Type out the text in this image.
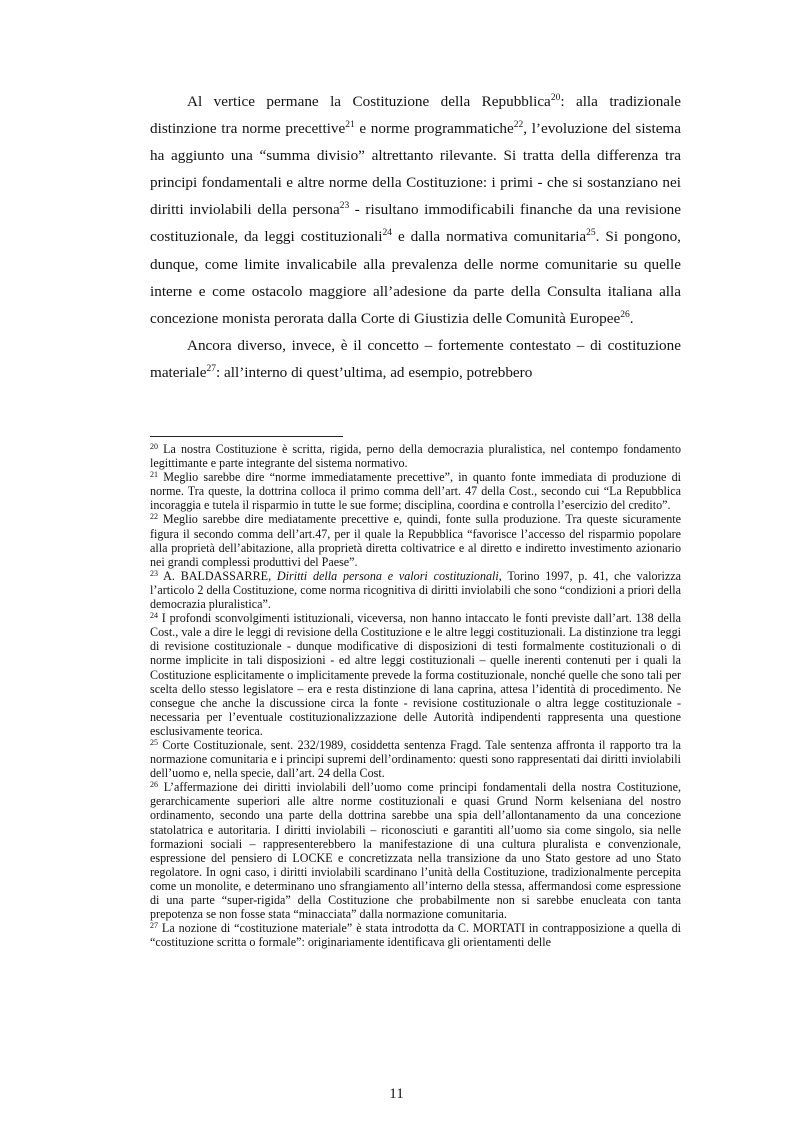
Al vertice permane la Costituzione della Repubblica$^{20}$: alla tradizionale distinzione tra norme precettive$^{21}$ e norme programmatiche$^{22}$, l’evoluzione del sistema ha aggiunto una “summa divisio” altrettanto rilevante. Si tratta della differenza tra principi fondamentali e altre norme della Costituzione: i primi - che si sostanziano nei diritti inviolabili della persona$^{23}$ - risultano immodificabili finanche da una revisione costituzionale, da leggi costituzionali$^{24}$ e dalla normativa comunitaria$^{25}$. Si pongono, dunque, come limite invalicabile alla prevalenza delle norme comunitarie su quelle interne e come ostacolo maggiore all’adesione da parte della Consulta italiana alla concezione monista perorata dalla Corte di Giustizia delle Comunità Europee$^{26}$.

Ancora diverso, invece, è il concetto – fortemente contestato – di costituzione materiale$^{27}$: all’interno di quest’ultima, ad esempio, potrebbero

$^{20}$ La nostra Costituzione è scritta, rigida, perno della democrazia pluralistica, nel contempo fondamento legittimante e parte integrante del sistema normativo.
$^{21}$ Meglio sarebbe dire “norme immediatamente precettive”, in quanto fonte immediata di produzione di norme. Tra queste, la dottrina colloca il primo comma dell’art. 47 della Cost., secondo cui “La Repubblica incoraggia e tutela il risparmio in tutte le sue forme; disciplina, coordina e controlla l’esercizio del credito”.
$^{22}$ Meglio sarebbe dire mediatamente precettive e, quindi, fonte sulla produzione. Tra queste sicuramente figura il secondo comma dell’art.47, per il quale la Repubblica “favorisce l’accesso del risparmio popolare alla proprietà dell’abitazione, alla proprietà diretta coltivatrice e al diretto e indiretto investimento azionario nei grandi complessi produttivi del Paese”.
$^{23}$ A. BALDASSARRE, Diritti della persona e valori costituzionali, Torino 1997, p. 41, che valorizza l’articolo 2 della Costituzione, come norma ricognitiva di diritti inviolabili che sono “condizioni a priori della democrazia pluralistica”.
$^{24}$ I profondi sconvolgimenti istituzionali, viceversa, non hanno intaccato le fonti previste dall’art. 138 della Cost., vale a dire le leggi di revisione della Costituzione e le altre leggi costituzionali. La distinzione tra leggi di revisione costituzionale - dunque modificative di disposizioni di testi formalmente costituzionali o di norme implicite in tali disposizioni - ed altre leggi costituzionali – quelle inerenti contenuti per i quali la Costituzione esplicitamente o implicitamente prevede la forma costituzionale, nonché quelle che sono tali per scelta dello stesso legislatore – era e resta distinzione di lana caprina, attesa l’identità di procedimento. Ne consegue che anche la discussione circa la fonte - revisione costituzionale o altra legge costituzionale - necessaria per l’eventuale costituzionalizzazione delle Autorità indipendenti rappresenta una questione esclusivamente teorica.
$^{25}$ Corte Costituzionale, sent. 232/1989, cosiddetta sentenza Fragd. Tale sentenza affronta il rapporto tra la normazione comunitaria e i principi supremi dell’ordinamento: questi sono rappresentati dai diritti inviolabili dell’uomo e, nella specie, dall’art. 24 della Cost.
$^{26}$ L’affermazione dei diritti inviolabili dell’uomo come principi fondamentali della nostra Costituzione, gerarchicamente superiori alle altre norme costituzionali e quasi Grund Norm kelseniana del nostro ordinamento, secondo una parte della dottrina sarebbe una spia dell’allontanamento da una concezione statolatrica e autoritaria. I diritti inviolabili – riconosciuti e garantiti all’uomo sia come singolo, sia nelle formazioni sociali – rappresenterebbero la manifestazione di una cultura pluralista e convenzionale, espressione del pensiero di LOCKE e concretizzata nella transizione da uno Stato gestore ad uno Stato regolatore. In ogni caso, i diritti inviolabili scardinano l’unità della Costituzione, tradizionalmente percepita come un monolite, e determinano uno sfrangiamento all’interno della stessa, affermandosi come espressione di una parte “super-rigida” della Costituzione che probabilmente non si sarebbe enucleata con tanta prepotenza se non fosse stata “minacciata” dalla normazione comunitaria.
$^{27}$ La nozione di “costituzione materiale” è stata introdotta da C. MORTATI in contrapposizione a quella di “costituzione scritta o formale”: originariamente identificava gli orientamenti delle
11
